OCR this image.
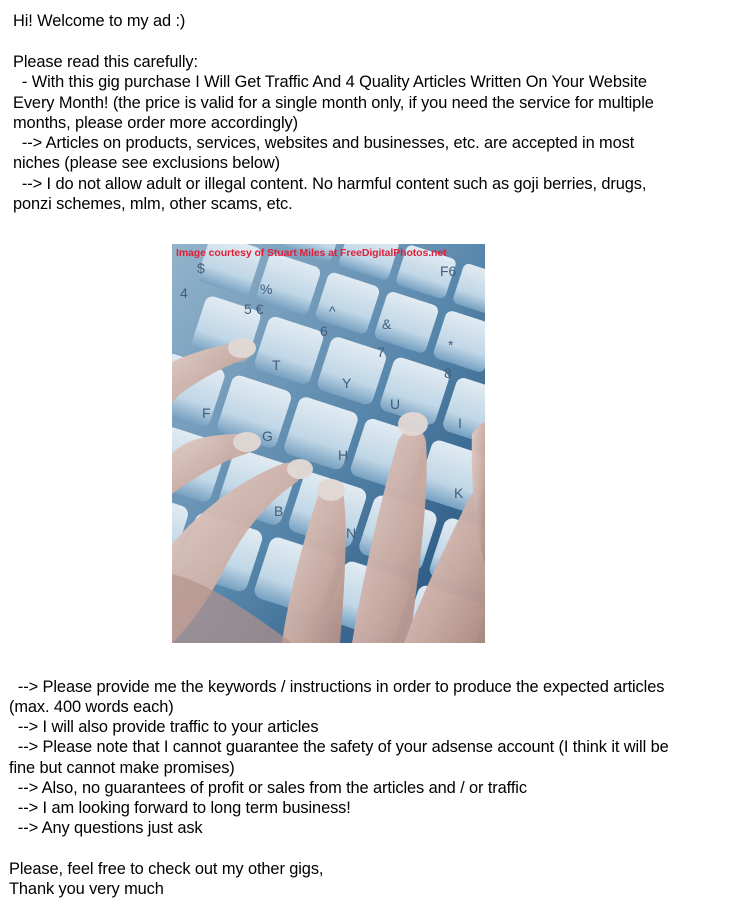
Hi! Welcome to my ad :)
Please read this carefully:
- With this gig purchase I Will Get Traffic And 4 Quality Articles Written On Your Website
Every Month! (the price is valid for a single month only, if you need the service for multiple
months, please order more accordingly)
--> Articles on products, services, websites and businesses, etc. are accepted in most
niches (please see exclusions below)
--> I do not allow adult or illegal content. No harmful content such as goji berries, drugs,
ponzi schemes, mlm, other scams, etc.
$
4	%
5 €	^
6	&
7	*
8
F6
T
Y
U
I
G
H
K
B
N
F
Image courtesy of Stuart Miles at FreeDigitalPhotos.net
--> Please provide me the keywords / instructions in order to produce the expected articles
(max. 400 words each)
--> I will also provide traffic to your articles
--> Please note that I cannot guarantee the safety of your adsense account (I think it will be
fine but cannot make promises)
--> Also, no guarantees of profit or sales from the articles and / or traffic
--> I am looking forward to long term business!
--> Any questions just ask
Please, feel free to check out my other gigs,
Thank you very much
